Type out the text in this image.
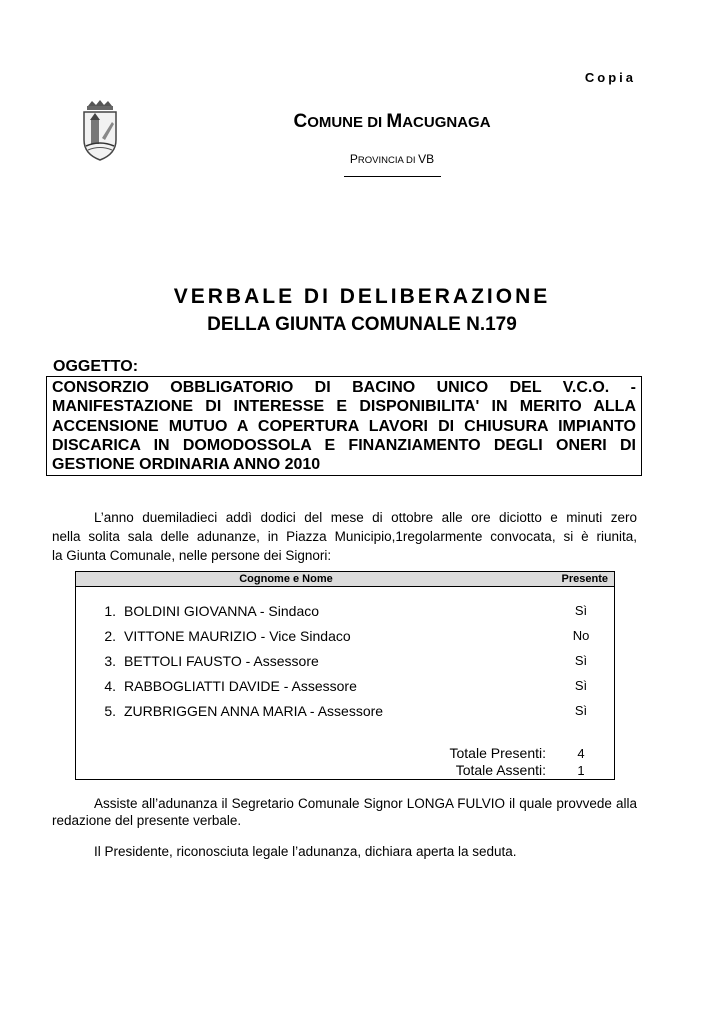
Copia
COMUNE DI MACUGNAGA
PROVINCIA DI VB
VERBALE DI DELIBERAZIONE
DELLA GIUNTA COMUNALE N.179
OGGETTO:
CONSORZIO OBBLIGATORIO DI BACINO UNICO DEL V.C.O. -
MANIFESTAZIONE DI INTERESSE E DISPONIBILITA' IN MERITO ALLA
ACCENSIONE MUTUO A COPERTURA LAVORI DI CHIUSURA IMPIANTO
DISCARICA IN DOMODOSSOLA E FINANZIAMENTO DEGLI ONERI DI
GESTIONE ORDINARIA ANNO 2010
L’anno duemiladieci addì dodici del mese di ottobre alle ore diciotto e minuti zero
nella solita sala delle adunanze, in Piazza Municipio,1regolarmente convocata, si è riunita,
la Giunta Comunale, nelle persone dei Signori:
Cognome e Nome	Presente
1. BOLDINI GIOVANNA - Sindaco	Sì
2. VITTONE MAURIZIO - Vice Sindaco	No
3. BETTOLI FAUSTO - Assessore	Sì
4. RABBOGLIATTI DAVIDE - Assessore	Sì
5. ZURBRIGGEN ANNA MARIA - Assessore	Sì
Totale Presenti:	4
Totale Assenti:	1
Assiste all’adunanza il Segretario Comunale Signor LONGA FULVIO il quale provvede alla
redazione del presente verbale.
Il Presidente, riconosciuta legale l’adunanza, dichiara aperta la seduta.
